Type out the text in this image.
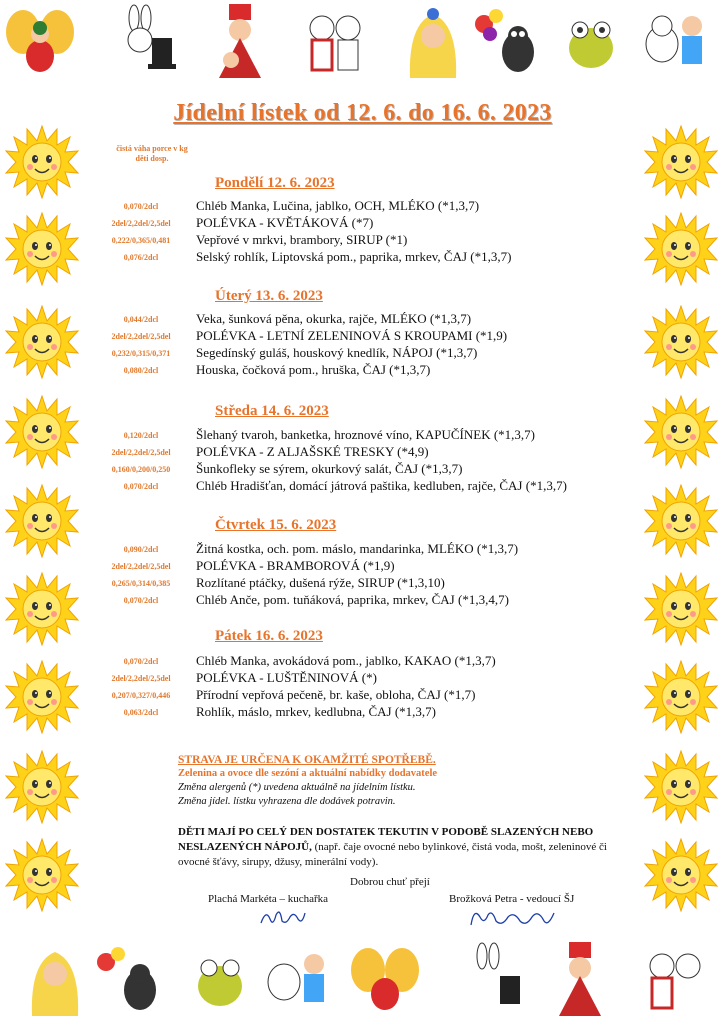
Jídelní lístek od 12. 6. do 16. 6. 2023
čistá váha porce v kg
děti dosp.
Pondělí 12. 6. 2023
0,070/2dcl	Chléb Manka, Lučina, jablko, OCH, MLÉKO (*1,3,7)
2del/2,2del/2,5del	POLÉVKA - KVĚTÁKOVÁ (*7)
0,222/0,365/0,481	Vepřové v mrkvi, brambory, SIRUP (*1)
0,076/2dcl	Selský rohlík, Liptovská pom., paprika, mrkev, ČAJ (*1,3,7)
Úterý 13. 6. 2023
0,044/2dcl	Veka, šunková pěna, okurka, rajče, MLÉKO (*1,3,7)
2del/2,2del/2,5del	POLÉVKA - LETNÍ ZELENINOVÁ S KROUPAMI (*1,9)
0,232/0,315/0,371	Segedínský guláš, houskový knedlík, NÁPOJ (*1,3,7)
0,080/2dcl	Houska, čočková pom., hruška, ČAJ (*1,3,7)
Středa 14. 6. 2023
0,120/2dcl	Šlehaný tvaroh, banketka, hroznové víno, KAPUČÍNEK (*1,3,7)
2del/2,2del/2,5del	POLÉVKA - Z ALJAŠSKÉ TRESKY (*4,9)
0,160/0,200/0,250	Šunkofleky se sýrem, okurkový salát, ČAJ (*1,3,7)
0,070/2dcl	Chléb Hradišťan, domácí játrová paštika, kedluben, rajče, ČAJ (*1,3,7)
Čtvrtek 15. 6. 2023
0,090/2dcl	Žitná kostka, och. pom. máslo, mandarinka, MLÉKO (*1,3,7)
2del/2,2del/2,5del	POLÉVKA - BRAMBOROVÁ (*1,9)
0,265/0,314/0,385	Rozlítané ptáčky, dušená rýže, SIRUP (*1,3,10)
0,070/2dcl	Chléb Anče, pom. tuňáková, paprika, mrkev, ČAJ (*1,3,4,7)
Pátek 16. 6. 2023
0,070/2dcl	Chléb Manka, avokádová pom., jablko, KAKAO (*1,3,7)
2del/2,2del/2,5del	POLÉVKA - LUŠTĚNINOVÁ (*)
0,207/0,327/0,446	Přírodní vepřová pečeně, br. kaše, obloha, ČAJ (*1,7)
0,063/2dcl	Rohlík, máslo, mrkev, kedlubna, ČAJ (*1,3,7)
STRAVA JE URČENA K OKAMŽITÉ SPOTŘEBĚ.
Zelenina a ovoce dle sezóní a aktuální nabídky dodavatele
Změna alergenů (*) uvedena aktuálně na jídelním lístku.
Změna jídel. lístku vyhrazena dle dodávek potravin.
DĚTI MAJÍ PO CELÝ DEN DOSTATEK TEKUTIN V PODOBĚ SLAZENÝCH NEBO NESLAZENÝCH NÁPOJŮ, (např. čaje ovocné nebo bylinkové, čistá voda, mošt, zeleninové či ovocné šťávy, sirupy, džusy, minerální vody).
Dobrou chuť přejí
Plachá Markéta – kuchařka	Brožková Petra - vedoucí ŠJ
